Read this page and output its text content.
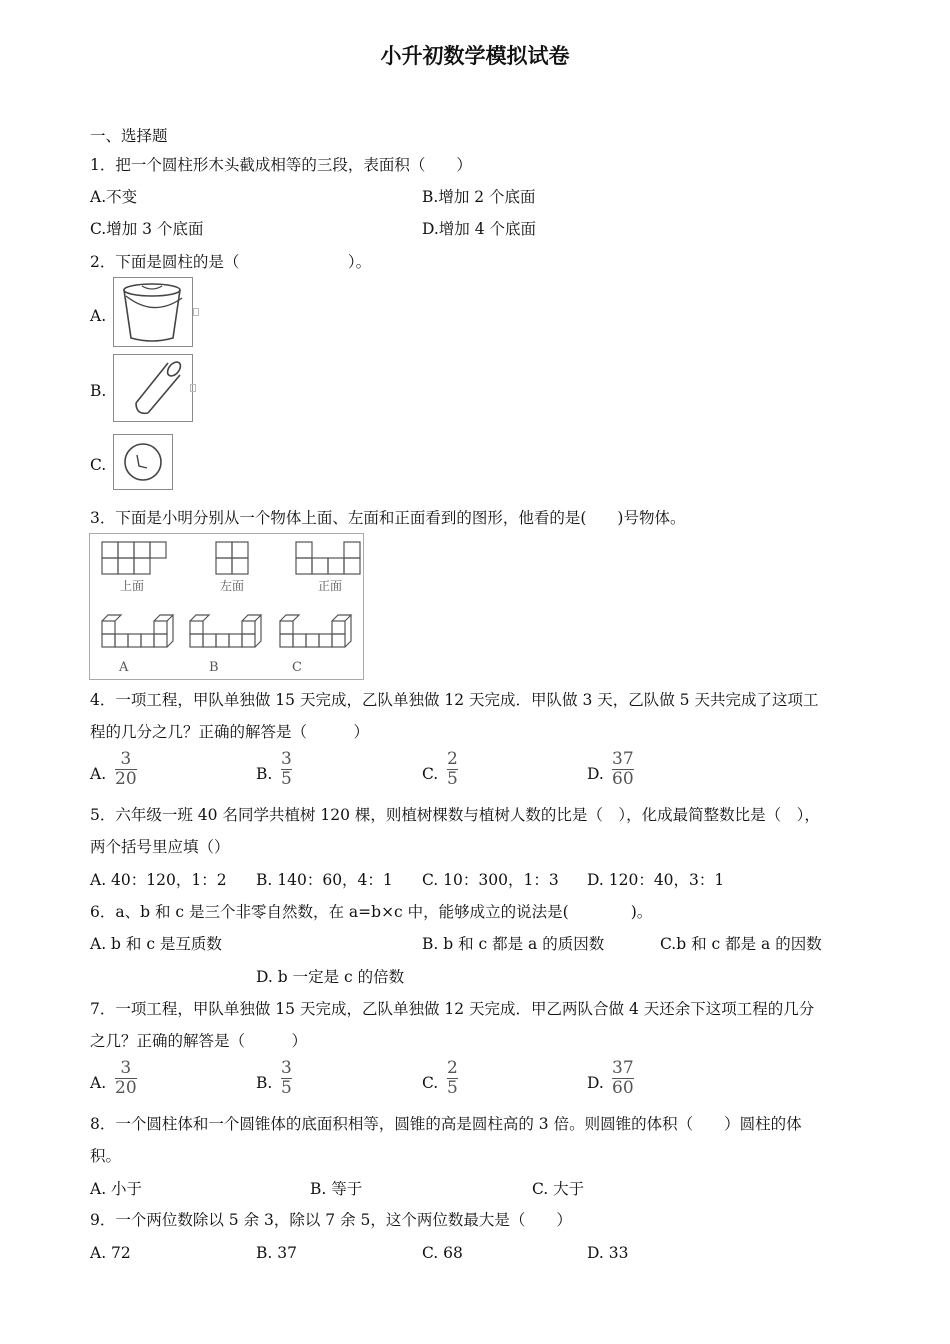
小升初数学模拟试卷
一、选择题
1．把一个圆柱形木头截成相等的三段，表面积（　　）
A.不变	B.增加 2 个底面
C.增加 3 个底面	D.增加 4 个底面
2．下面是圆柱的是（　　　　　　　）。
A.
B.
C.
3．下面是小明分别从一个物体上面、左面和正面看到的图形，他看的是(　　)号物体。
上面	左面	正面
A	B	C
4．一项工程，甲队单独做 15 天完成，乙队单独做 12 天完成．甲队做 3 天，乙队做 5 天共完成了这项工
程的几分之几？正确的解答是（　　　）
A.
3
20	B.
3
5	C.
2
5	D.
37
60
5．六年级一班 40 名同学共植树 120 棵，则植树棵数与植树人数的比是（　），化成最简整数比是（　），
两个括号里应填（）
A. 40：120，1：2 B. 140：60，4：1 C. 10：300，1：3 D. 120：40，3：1
6．a、b 和 c 是三个非零自然数，在 a=b×c 中，能够成立的说法是(　　　　)。
A. b 和 c 是互质数	B. b 和 c 都是 a 的质因数	C.b 和 c 都是 a 的因数
D. b 一定是 c 的倍数
7．一项工程，甲队单独做 15 天完成，乙队单独做 12 天完成．甲乙两队合做 4 天还余下这项工程的几分
之几？正确的解答是（　　　）
A.
3
20	B.
3
5	C.
2
5	D.
37
60
8．一个圆柱体和一个圆锥体的底面积相等，圆锥的高是圆柱高的 3 倍。则圆锥的体积（　　）圆柱的体
积。
A. 小于	B. 等于	C. 大于
9．一个两位数除以 5 余 3，除以 7 余 5，这个两位数最大是（　　）
A. 72	B. 37	C. 68	D. 33
